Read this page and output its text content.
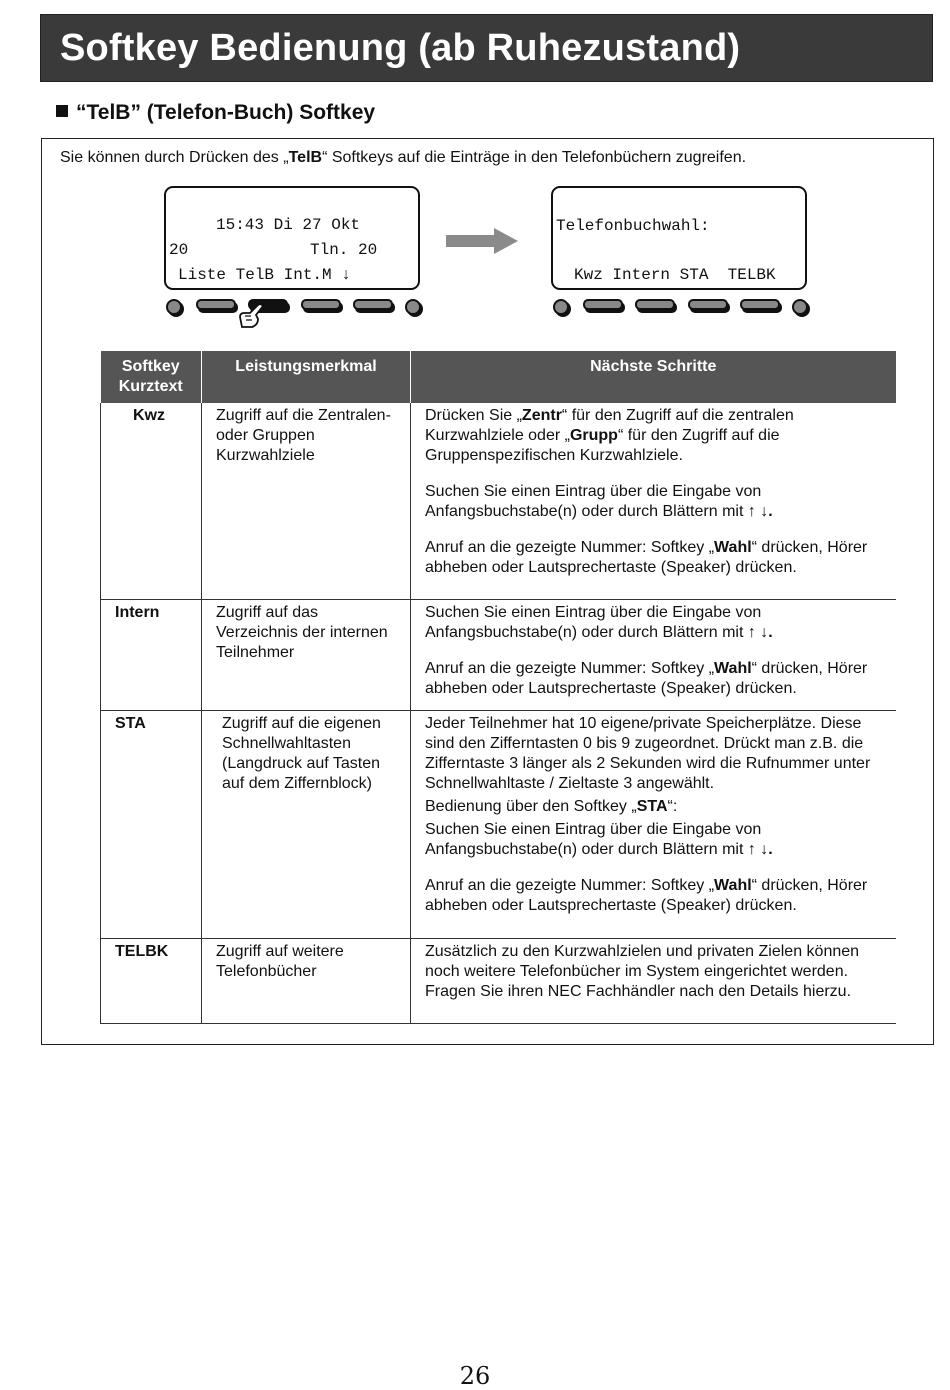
Softkey Bedienung (ab Ruhezustand)
“TelB” (Telefon-Buch) Softkey
Sie können durch Drücken des „TelB“ Softkeys auf die Einträge in den Telefonbüchern zugreifen.
15:43 Di 27 Okt
20	Tln. 20
Liste TelB Int.M ↓
Telefonbuchwahl:
Kwz Intern STA  TELBK
Softkey Kurztext	Leistungsmerkmal	Nächste Schritte
Kwz	Zugriff auf die Zentralen- oder Gruppen Kurzwahlziele	Drücken Sie „Zentr“ für den Zugriff auf die zentralen Kurzwahlziele oder „Grupp“ für den Zugriff auf die Gruppenspezifischen Kurzwahlziele.

Suchen Sie einen Eintrag über die Eingabe von Anfangsbuchstabe(n) oder durch Blättern mit ↑ ↓.

Anruf an die gezeigte Nummer: Softkey „Wahl“ drücken, Hörer abheben oder Lautsprechertaste (Speaker) drücken.

Intern	Zugriff auf das Verzeichnis der internen Teilnehmer	Suchen Sie einen Eintrag über die Eingabe von Anfangsbuchstabe(n) oder durch Blättern mit ↑ ↓.

Anruf an die gezeigte Nummer: Softkey „Wahl“ drücken, Hörer abheben oder Lautsprechertaste (Speaker) drücken.

STA	Zugriff auf die eigenen Schnellwahltasten (Langdruck auf Tasten auf dem Ziffernblock)	Jeder Teilnehmer hat 10 eigene/private Speicherplätze. Diese sind den Zifferntasten 0 bis 9 zugeordnet. Drückt man z.B. die Zifferntaste 3 länger als 2 Sekunden wird die Rufnummer unter Schnellwahltaste / Zieltaste 3 angewählt.

Bedienung über den Softkey „STA“:

Suchen Sie einen Eintrag über die Eingabe von Anfangsbuchstabe(n) oder durch Blättern mit ↑ ↓.

Anruf an die gezeigte Nummer: Softkey „Wahl“ drücken, Hörer abheben oder Lautsprechertaste (Speaker) drücken.

TELBK	Zugriff auf weitere Telefonbücher	Zusätzlich zu den Kurzwahlzielen und privaten Zielen können noch weitere Telefonbücher im System eingerichtet werden. Fragen Sie ihren NEC Fachhändler nach den Details hierzu.

26
